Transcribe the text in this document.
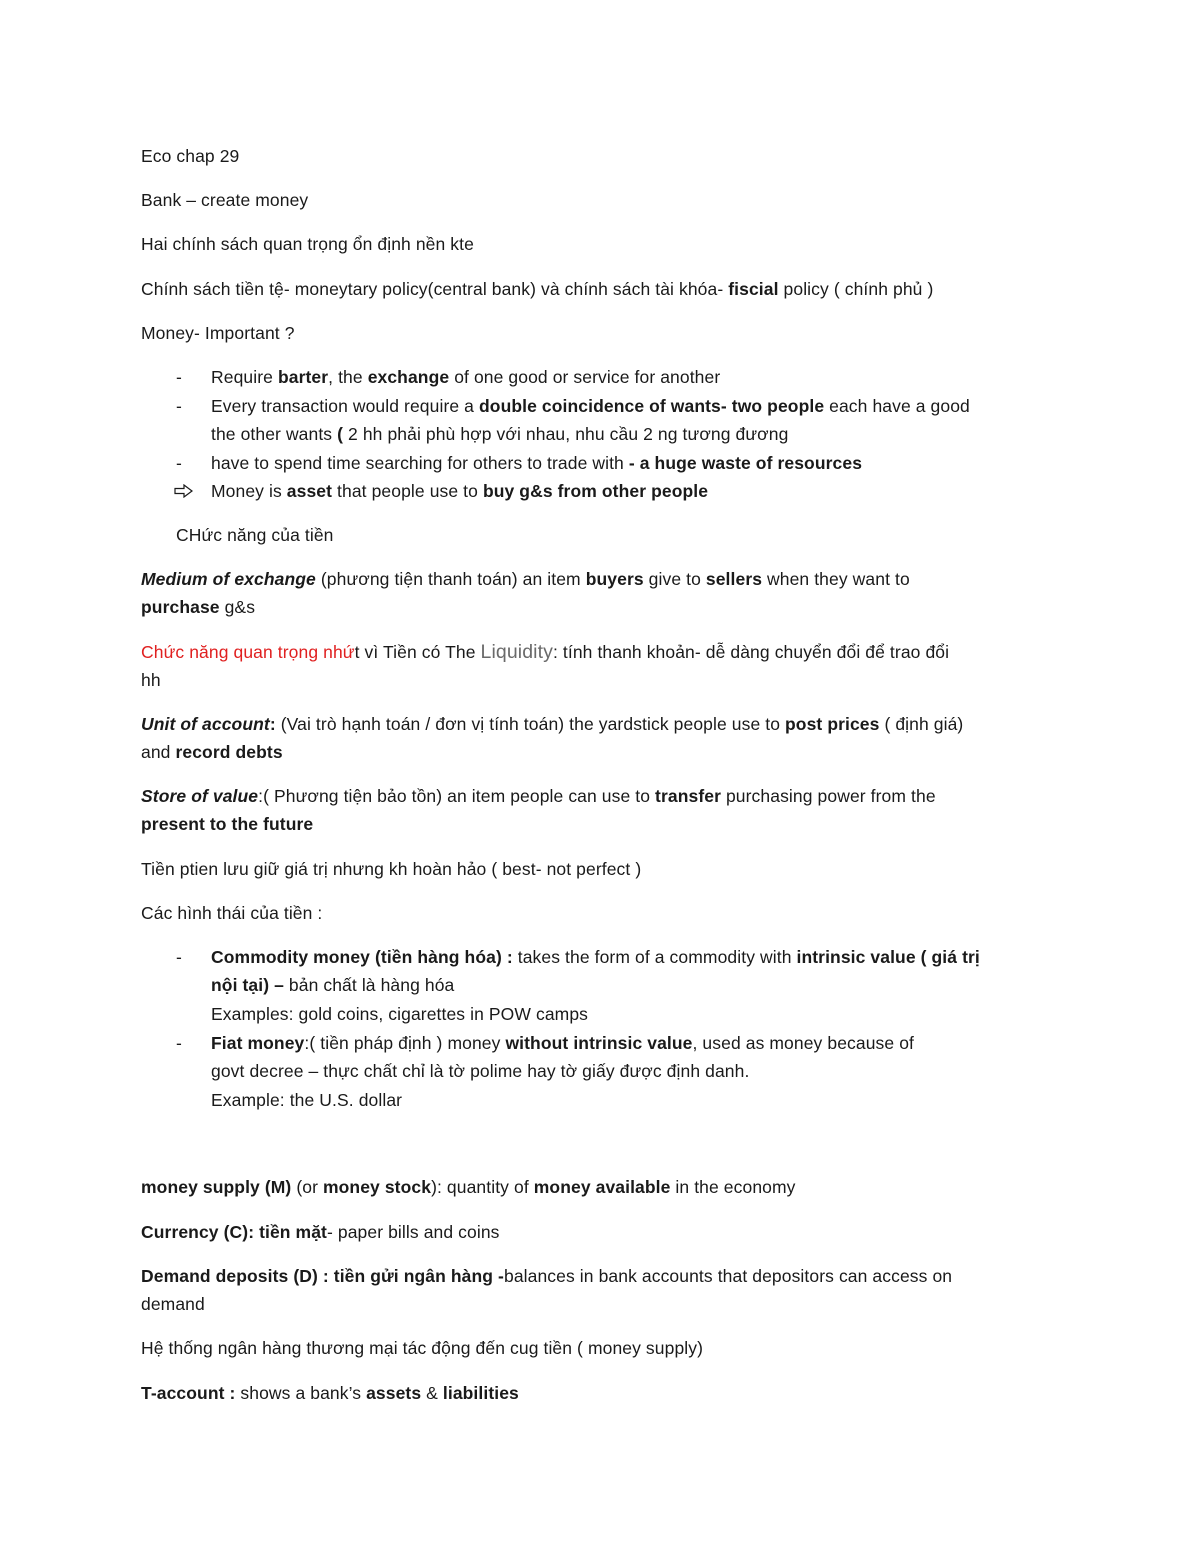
Eco chap 29
Bank – create money
Hai chính sách quan trọng ổn định nền kte
Chính sách tiền tệ- moneytary policy(central bank) và chính sách tài khóa- fiscial policy ( chính phủ )
Money- Important ?
- Require barter, the exchange of one good or service for another
- Every transaction would require a double coincidence of wants- two people each have a good
the other wants ( 2 hh phải phù hợp với nhau, nhu cầu 2 ng tương đương
- have to spend time searching for others to trade with - a huge waste of resources
Money is asset that people use to buy g&s from other people
CHức năng của tiền
Medium of exchange (phương tiện thanh toán) an item buyers give to sellers when they want to
purchase g&s
Chức năng quan trọng nhứt vì Tiền có The Liquidity: tính thanh khoản- dễ dàng chuyển đổi để trao đổi
hh
Unit of account: (Vai trò hạnh toán / đơn vị tính toán) the yardstick people use to post prices ( định giá)
and record debts
Store of value:( Phương tiện bảo tồn) an item people can use to transfer purchasing power from the
present to the future
Tiền ptien lưu giữ giá trị nhưng kh hoàn hảo ( best- not perfect )
Các hình thái của tiền :
- Commodity money (tiền hàng hóa) : takes the form of a commodity with intrinsic value ( giá trị
nội tại) – bản chất là hàng hóa
Examples: gold coins, cigarettes in POW camps
- Fiat money:( tiền pháp định ) money without intrinsic value, used as money because of
govt decree – thực chất chỉ là tờ polime hay tờ giấy được định danh.
Example: the U.S. dollar
money supply (M) (or money stock): quantity of money available in the economy
Currency (C): tiền mặt- paper bills and coins
Demand deposits (D) : tiền gửi ngân hàng -balances in bank accounts that depositors can access on
demand
Hệ thống ngân hàng thương mại tác động đến cug tiền ( money supply)
T-account : shows a bank’s assets & liabilities
